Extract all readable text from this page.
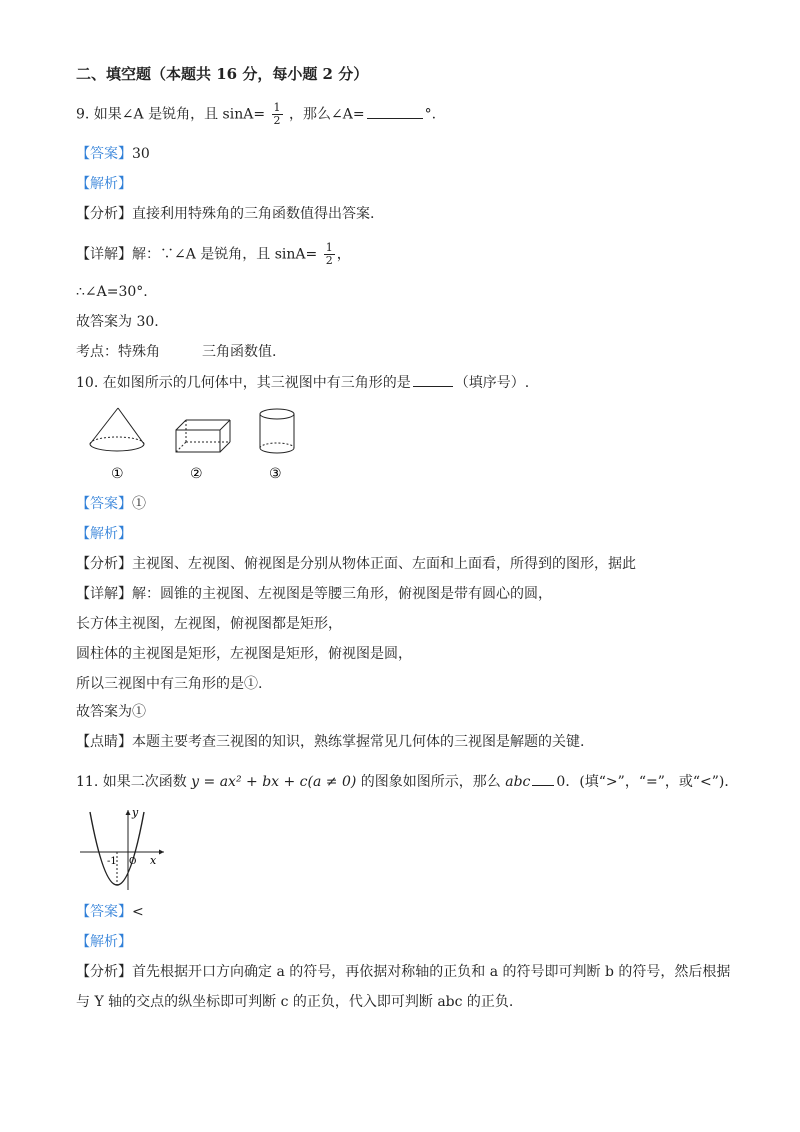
二、填空题（本题共 16 分，每小题 2 分）
9. 如果∠A 是锐角，且 $\sin A= \frac{1}{2}$ ，那么∠A=	°.
【答案】30
【解析】
【分析】直接利用特殊角的三角函数值得出答案.
【详解】解：∵∠A 是锐角，且 $\sin A= \frac{1}{2}$ ，
∴∠A=30°.
故答案为 30.
考点：特殊角　　　三角函数值.
10. 在如图所示的几何体中，其三视图中有三角形的是	（填序号）.
①	②	③
【答案】①
【解析】
【分析】主视图、左视图、俯视图是分别从物体正面、左面和上面看，所得到的图形，据此
【详解】解：圆锥的主视图、左视图是等腰三角形，俯视图是带有圆心的圆，
长方体主视图，左视图，俯视图都是矩形，
圆柱体的主视图是矩形，左视图是矩形，俯视图是圆，
所以三视图中有三角形的是①.
故答案为①
【点睛】本题主要考查三视图的知识，熟练掌握常见几何体的三视图是解题的关键.
11. 如果二次函数 y = ax² + bx + c(a ≠ 0) 的图象如图所示，那么 abc 0．(填“>”，“=”，或“<”)．
y
x
-1 O
【答案】<
【解析】
【分析】首先根据开口方向确定 a 的符号，再依据对称轴的正负和 a 的符号即可判断 b 的符号，然后根据
与 Y 轴的交点的纵坐标即可判断 c 的正负，代入即可判断 abc 的正负.
